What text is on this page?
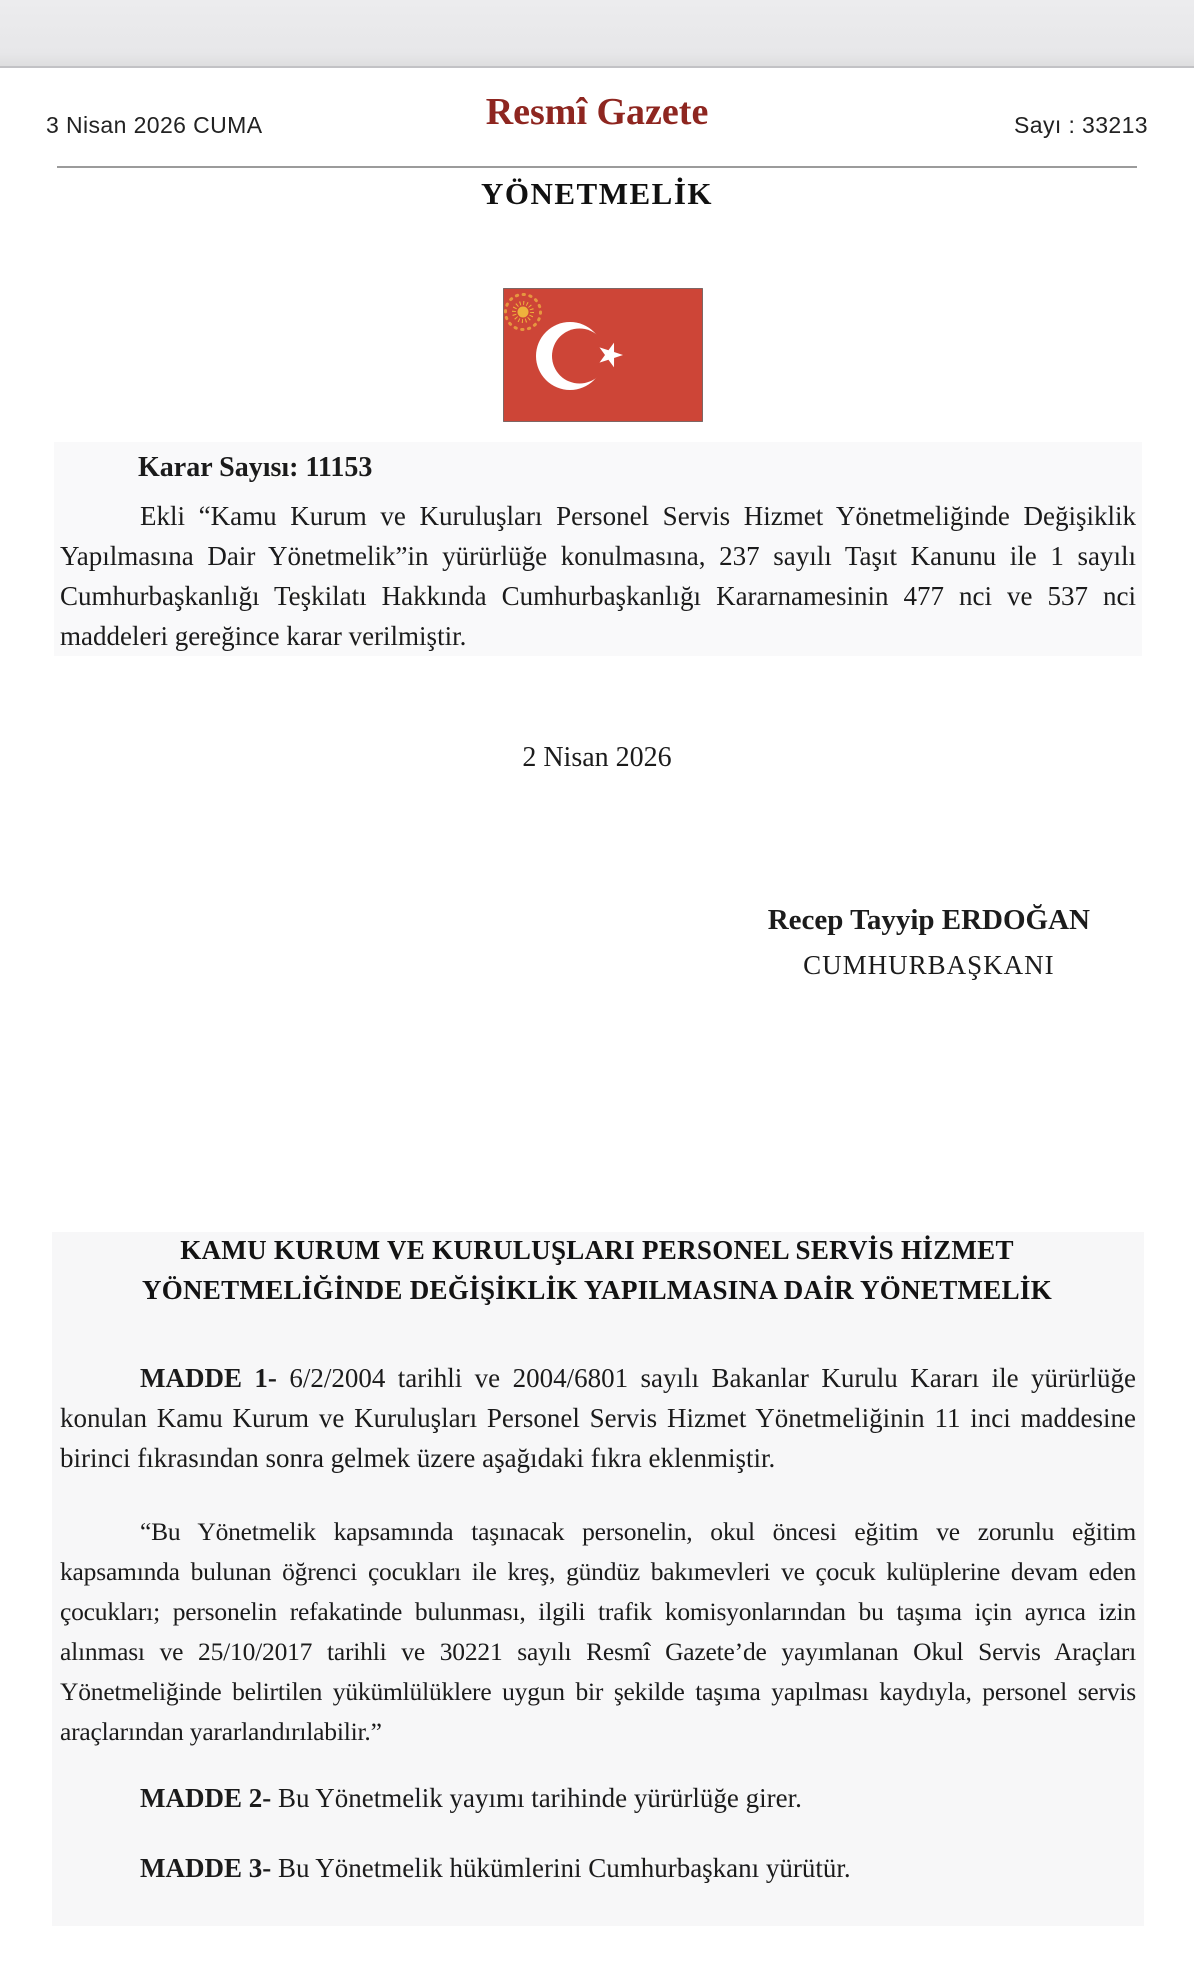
3 Nisan 2026 CUMA	Resmî Gazete	Sayı : 33213
YÖNETMELİK

Karar Sayısı: 11153

Ekli “Kamu Kurum ve Kuruluşları Personel Servis Hizmet Yönetmeliğinde Değişiklik Yapılmasına Dair Yönetmelik”in yürürlüğe konulmasına, 237 sayılı Taşıt Kanunu ile 1 sayılı Cumhurbaşkanlığı Teşkilatı Hakkında Cumhurbaşkanlığı Kararnamesinin 477 nci ve 537 nci maddeleri gereğince karar verilmiştir.

2 Nisan 2026

Recep Tayyip ERDOĞAN
CUMHURBAŞKANI
KAMU KURUM VE KURULUŞLARI PERSONEL SERVİS HİZMET
YÖNETMELİĞİNDE DEĞİŞİKLİK YAPILMASINA DAİR YÖNETMELİK

MADDE 1- 6/2/2004 tarihli ve 2004/6801 sayılı Bakanlar Kurulu Kararı ile yürürlüğe konulan Kamu Kurum ve Kuruluşları Personel Servis Hizmet Yönetmeliğinin 11 inci maddesine birinci fıkrasından sonra gelmek üzere aşağıdaki fıkra eklenmiştir.

“Bu Yönetmelik kapsamında taşınacak personelin, okul öncesi eğitim ve zorunlu eğitim kapsamında bulunan öğrenci çocukları ile kreş, gündüz bakımevleri ve çocuk kulüplerine devam eden çocukları; personelin refakatinde bulunması, ilgili trafik komisyonlarından bu taşıma için ayrıca izin alınması ve 25/10/2017 tarihli ve 30221 sayılı Resmî Gazete’de yayımlanan Okul Servis Araçları Yönetmeliğinde belirtilen yükümlülüklere uygun bir şekilde taşıma yapılması kaydıyla, personel servis araçlarından yararlandırılabilir.”

MADDE 2- Bu Yönetmelik yayımı tarihinde yürürlüğe girer.

MADDE 3- Bu Yönetmelik hükümlerini Cumhurbaşkanı yürütür.
